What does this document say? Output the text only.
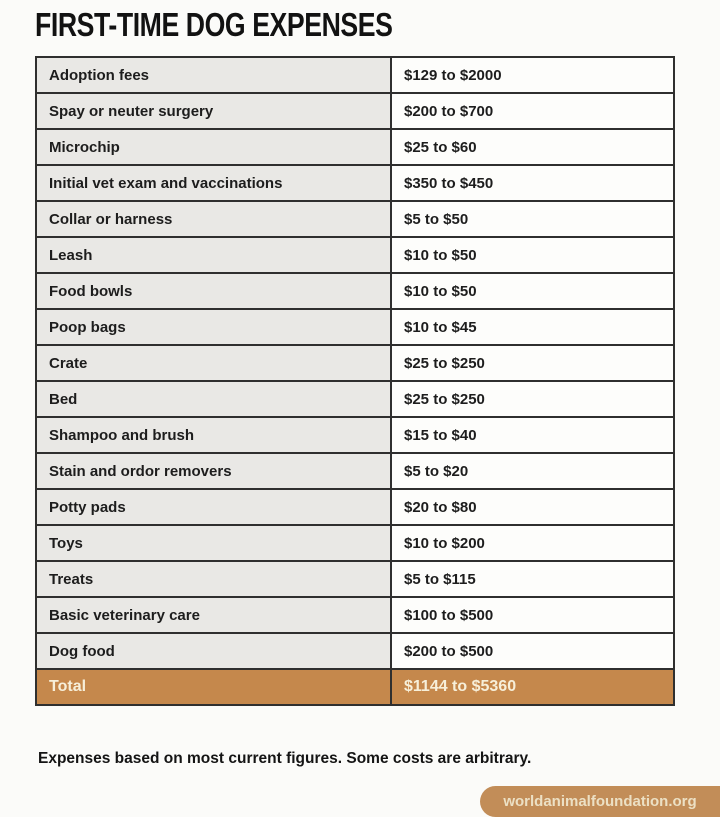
FIRST-TIME DOG EXPENSES
Adoption fees	$129 to $2000
Spay or neuter surgery	$200 to $700
Microchip	$25 to $60
Initial vet exam and vaccinations	$350 to $450
Collar or harness	$5 to $50
Leash	$10 to $50
Food bowls	$10 to $50
Poop bags	$10 to $45
Crate	$25 to $250
Bed	$25 to $250
Shampoo and brush	$15 to $40
Stain and ordor removers	$5 to $20
Potty pads	$20 to $80
Toys	$10 to $200
Treats	$5 to $115
Basic veterinary care	$100 to $500
Dog food	$200 to $500
Total	$1144 to $5360

Expenses based on most current figures. Some costs are arbitrary.

worldanimalfoundation.org
